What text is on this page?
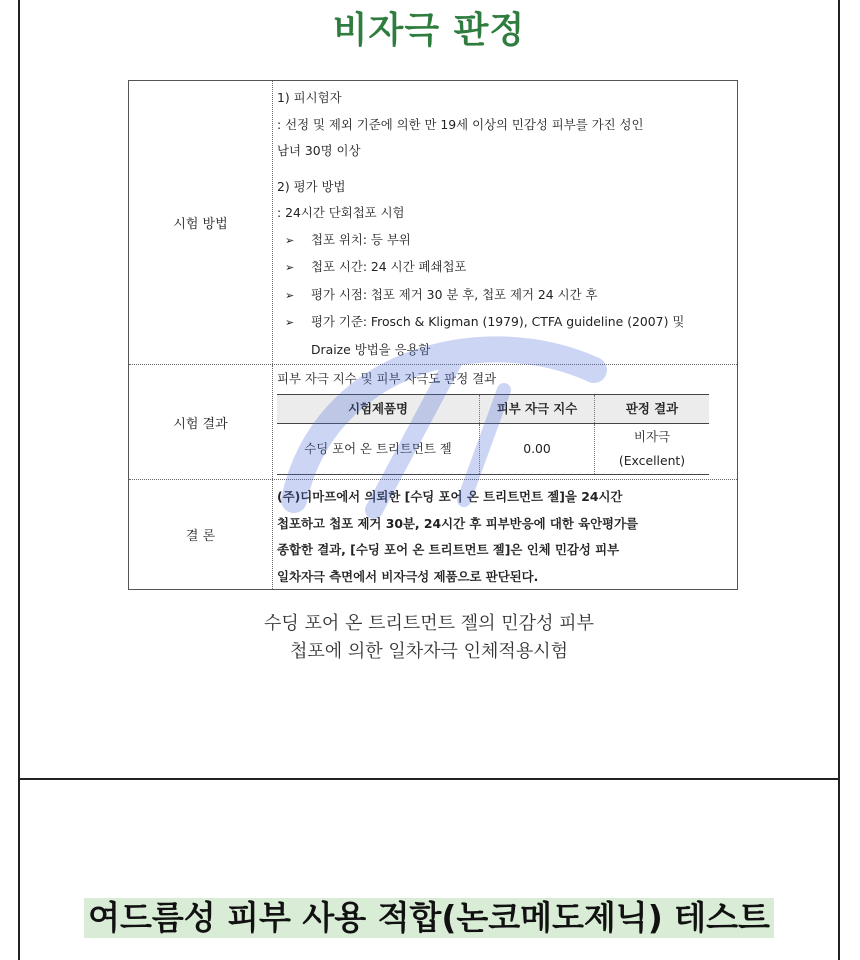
비자극 판정
시험 방법

1) 피시험자

: 선정 및 제외 기준에 의한 만 19세 이상의 민감성 피부를 가진 성인

남녀 30명 이상

2) 평가 방법

: 24시간 단회첩포 시험

➢ 첩포 위치: 등 부위

➢ 첩포 시간: 24 시간 폐쇄첩포

➢ 평가 시점: 첩포 제거 30 분 후, 첩포 제거 24 시간 후

➢ 평가 기준: Frosch & Kligman (1979), CTFA guideline (2007) 및

Draize 방법을 응용함

시험 결과

피부 자극 지수 및 피부 자극도 판정 결과

시험제품명	피부 자극 지수	판정 결과
수딩 포어 온 트리트먼트 젤	0.00	비자극
(Excellent)
결 론

(주)디마프에서 의뢰한 [수딩 포어 온 트리트먼트 젤]을 24시간

첩포하고 첩포 제거 30분, 24시간 후 피부반응에 대한 육안평가를

종합한 결과, [수딩 포어 온 트리트먼트 젤]은 인체 민감성 피부

일차자극 측면에서 비자극성 제품으로 판단된다.

수딩 포어 온 트리트먼트 젤의 민감성 피부
첩포에 의한 일차자극 인체적용시험
여드름성 피부 사용 적합(논코메도제닉) 테스트
